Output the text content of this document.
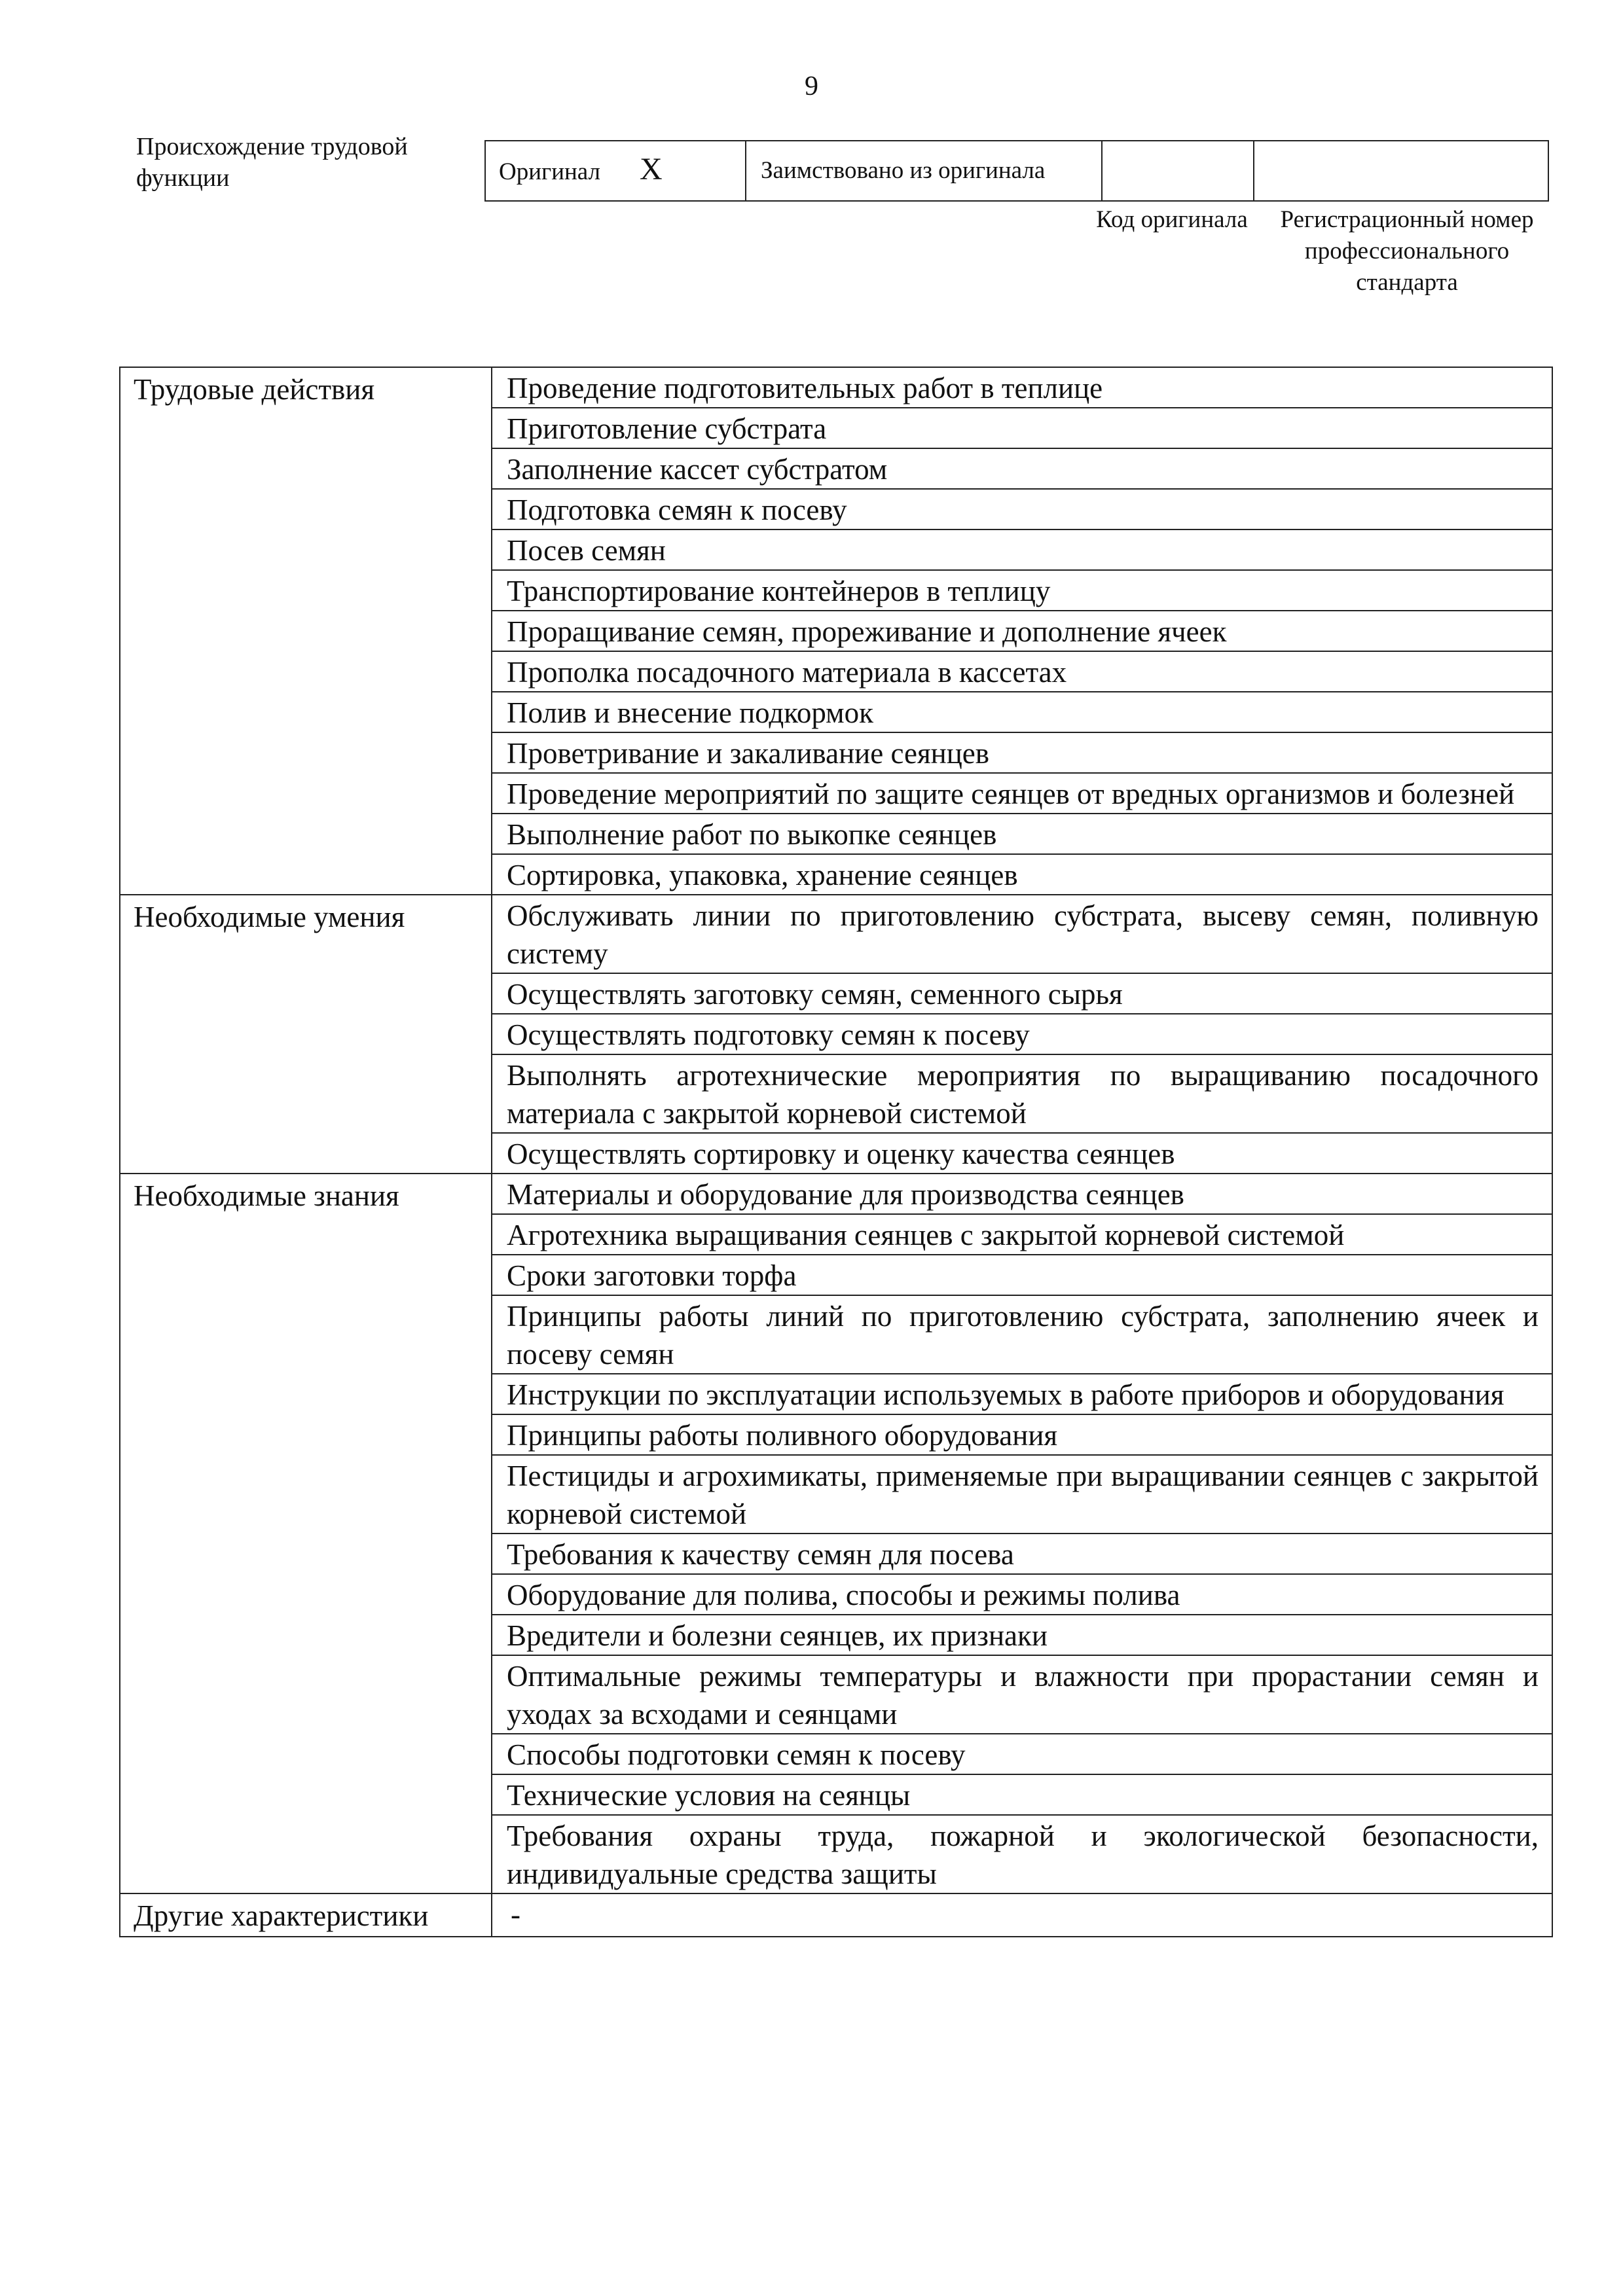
9
Происхождение трудовой функции	Оригинал X	Заимствовано из оригинала		
Код оригинала	Регистрационный номер профессионального стандарта
Трудовые действия	Проведение подготовительных работ в теплице
	Приготовление субстрата
	Заполнение кассет субстратом
	Подготовка семян к посеву
	Посев семян
	Транспортирование контейнеров в теплицу
	Проращивание семян, прореживание и дополнение ячеек
	Прополка посадочного материала в кассетах
	Полив и внесение подкормок
	Проветривание и закаливание сеянцев
	Проведение мероприятий по защите сеянцев от вредных организмов и болезней
	Выполнение работ по выкопке сеянцев
	Сортировка, упаковка, хранение сеянцев
Необходимые умения	Обслуживать линии по приготовлению субстрата, высеву семян, поливную систему
	Осуществлять заготовку семян, семенного сырья
	Осуществлять подготовку семян к посеву
	Выполнять агротехнические мероприятия по выращиванию посадочного материала с закрытой корневой системой
	Осуществлять сортировку и оценку качества сеянцев
Необходимые знания	Материалы и оборудование для производства сеянцев
	Агротехника выращивания сеянцев с закрытой корневой системой
	Сроки заготовки торфа
	Принципы работы линий по приготовлению субстрата, заполнению ячеек и посеву семян
	Инструкции по эксплуатации используемых в работе приборов и оборудования
	Принципы работы поливного оборудования
	Пестициды и агрохимикаты, применяемые при выращивании сеянцев с закрытой корневой системой
	Требования к качеству семян для посева
	Оборудование для полива, способы и режимы полива
	Вредители и болезни сеянцев, их признаки
	Оптимальные режимы температуры и влажности при прорастании семян и уходах за всходами и сеянцами
	Способы подготовки семян к посеву
	Технические условия на сеянцы
	Требования охраны труда, пожарной и экологической безопасности, индивидуальные средства защиты
Другие характеристики	-
